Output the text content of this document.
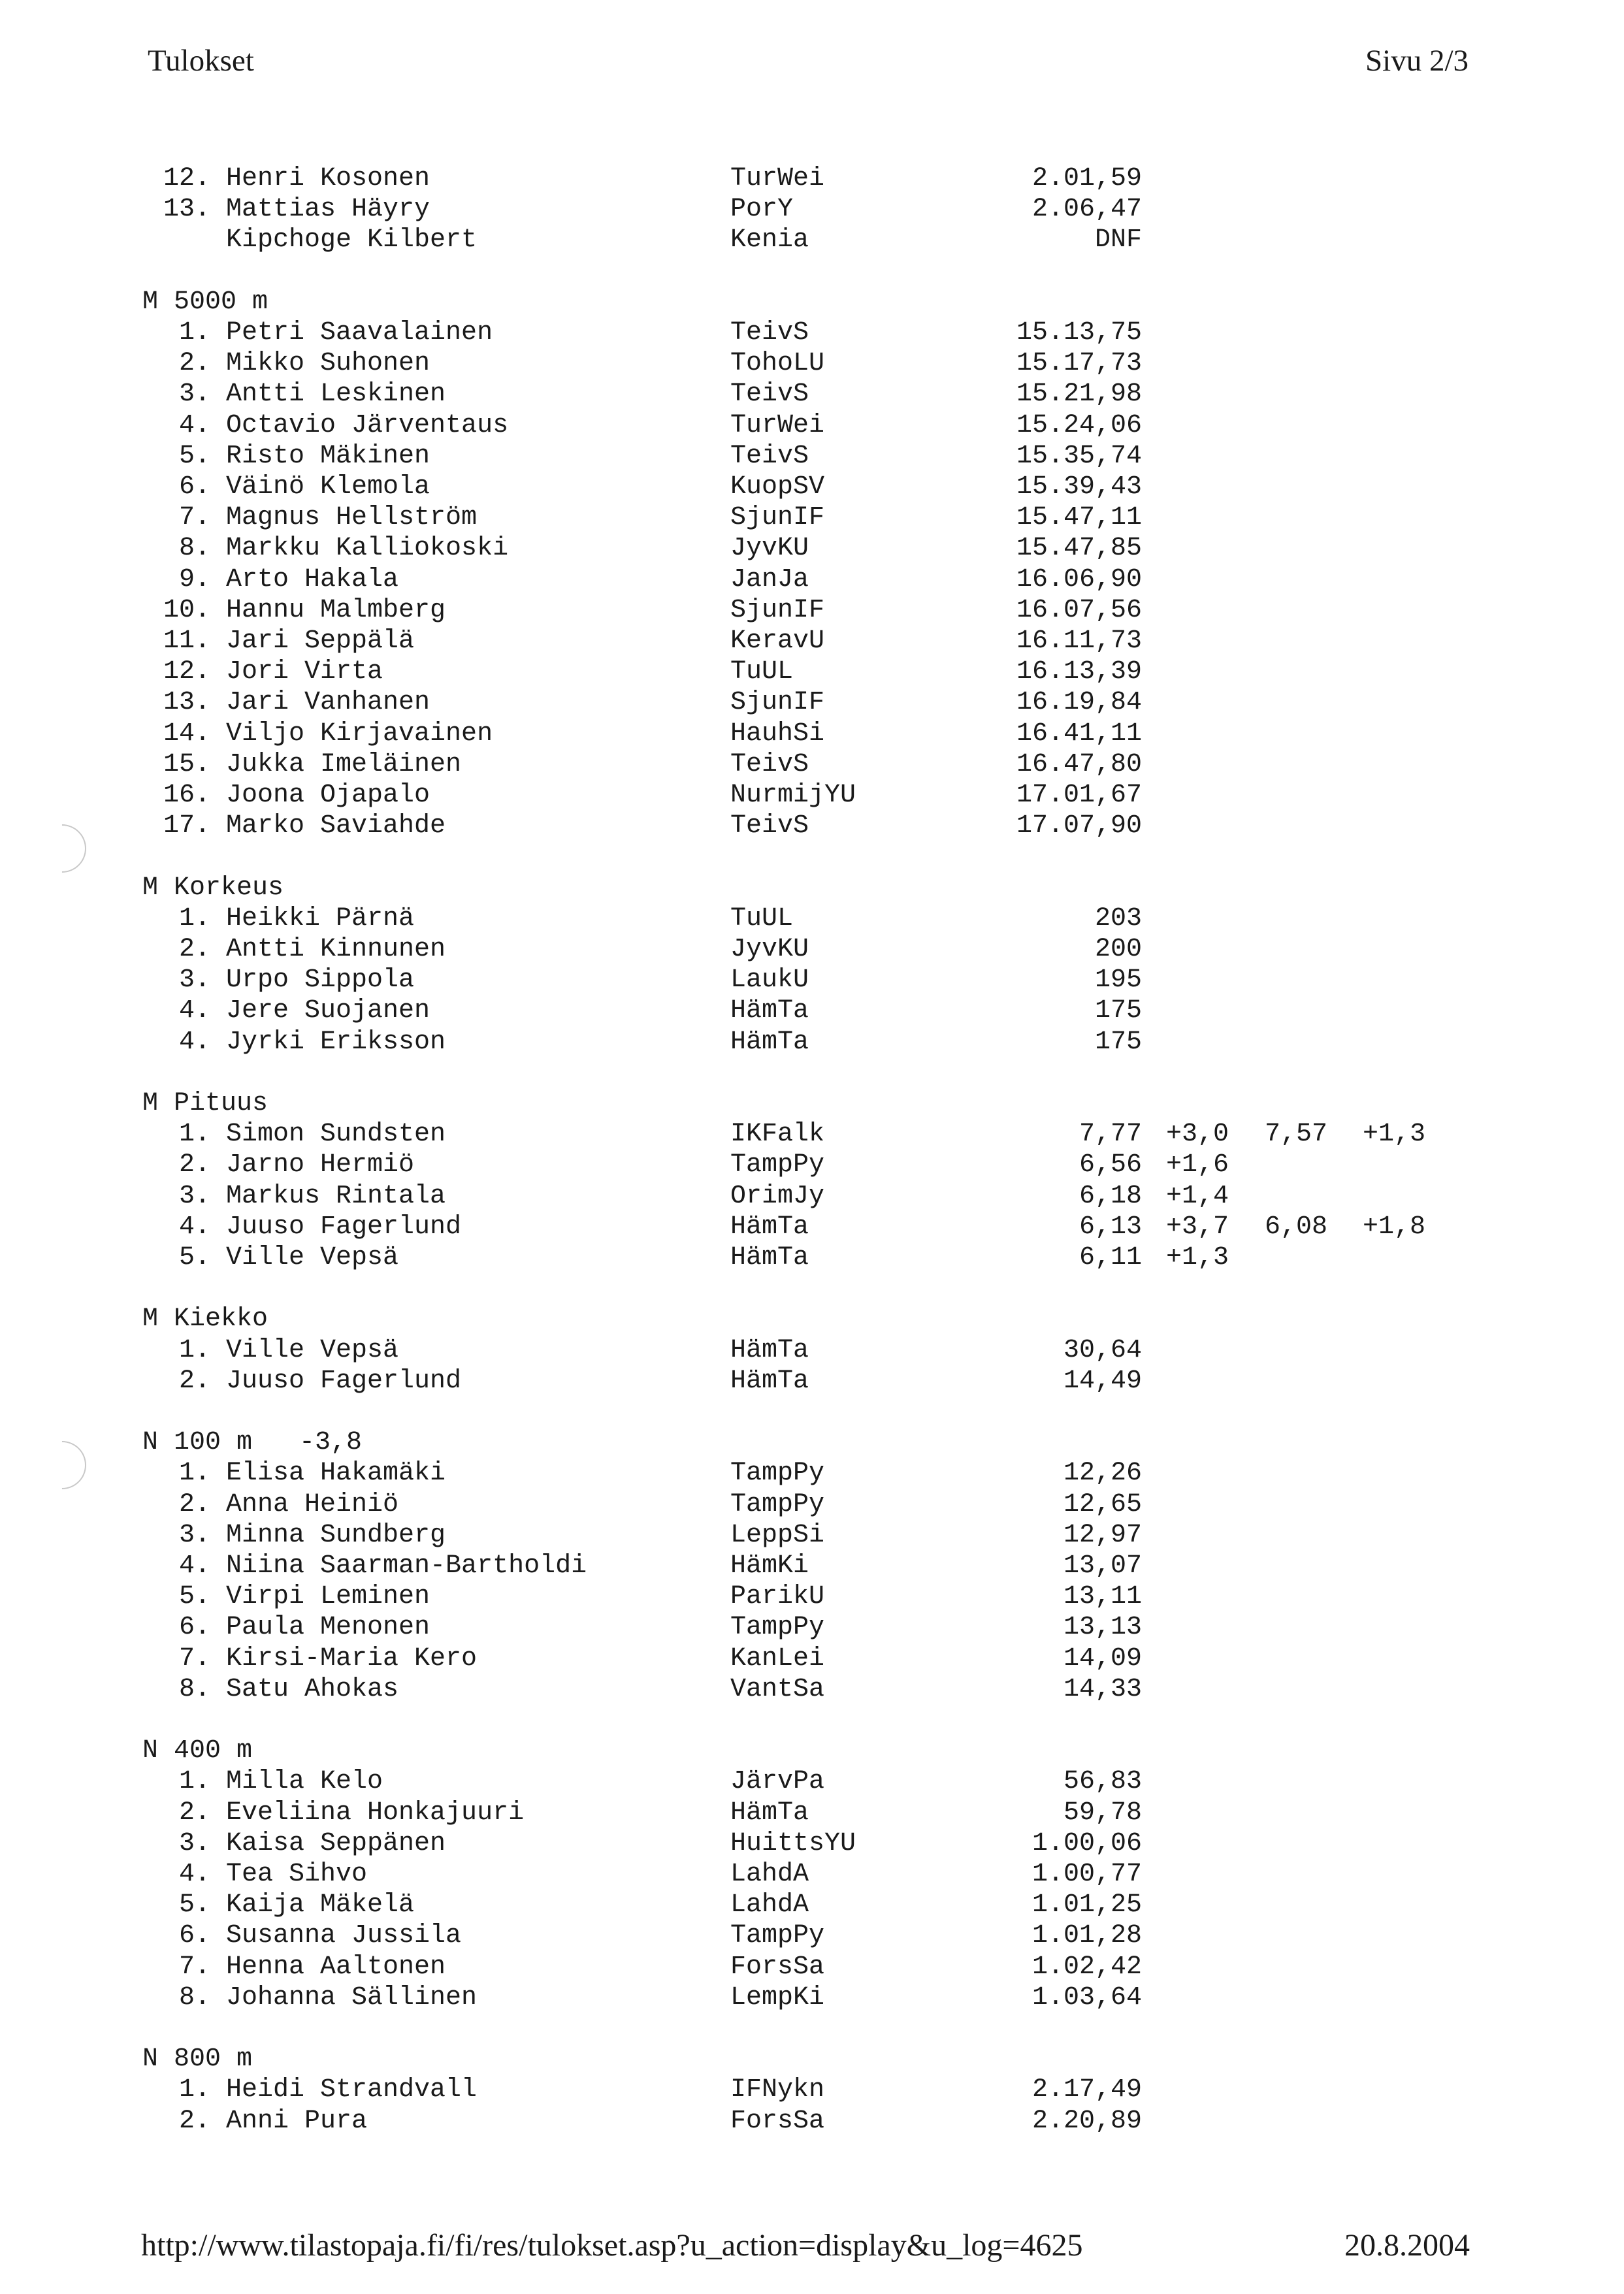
Tulokset	Sivu 2/3
12. Henri Kosonen	TurWei	2.01,59
13. Mattias Häyry	PorY	2.06,47
Kipchoge Kilbert	Kenia	DNF
M 5000 m
1. Petri Saavalainen	TeivS	15.13,75
2. Mikko Suhonen	TohoLU	15.17,73
3. Antti Leskinen	TeivS	15.21,98
4. Octavio Järventaus	TurWei	15.24,06
5. Risto Mäkinen	TeivS	15.35,74
6. Väinö Klemola	KuopSV	15.39,43
7. Magnus Hellström	SjunIF	15.47,11
8. Markku Kalliokoski	JyvKU	15.47,85
9. Arto Hakala	JanJa	16.06,90
10. Hannu Malmberg	SjunIF	16.07,56
11. Jari Seppälä	KeravU	16.11,73
12. Jori Virta	TuUL	16.13,39
13. Jari Vanhanen	SjunIF	16.19,84
14. Viljo Kirjavainen	HauhSi	16.41,11
15. Jukka Imeläinen	TeivS	16.47,80
16. Joona Ojapalo	NurmijYU	17.01,67
17. Marko Saviahde	TeivS	17.07,90
M Korkeus
1. Heikki Pärnä	TuUL	203
2. Antti Kinnunen	JyvKU	200
3. Urpo Sippola	LaukU	195
4. Jere Suojanen	HämTa	175
4. Jyrki Eriksson	HämTa	175
M Pituus
1. Simon Sundsten	IKFalk	7,77 +3,0 7,57 +1,3
2. Jarno Hermiö	TampPy	6,56 +1,6
3. Markus Rintala	OrimJy	6,18 +1,4
4. Juuso Fagerlund	HämTa	6,13 +3,7 6,08 +1,8
5. Ville Vepsä	HämTa	6,11 +1,3
M Kiekko
1. Ville Vepsä	HämTa	30,64
2. Juuso Fagerlund	HämTa	14,49
N 100 m   -3,8
1. Elisa Hakamäki	TampPy	12,26
2. Anna Heiniö	TampPy	12,65
3. Minna Sundberg	LeppSi	12,97
4. Niina Saarman-Bartholdi	HämKi	13,07
5. Virpi Leminen	ParikU	13,11
6. Paula Menonen	TampPy	13,13
7. Kirsi-Maria Kero	KanLei	14,09
8. Satu Ahokas	VantSa	14,33
N 400 m
1. Milla Kelo	JärvPa	56,83
2. Eveliina Honkajuuri	HämTa	59,78
3. Kaisa Seppänen	HuittsYU	1.00,06
4. Tea Sihvo	LahdA	1.00,77
5. Kaija Mäkelä	LahdA	1.01,25
6. Susanna Jussila	TampPy	1.01,28
7. Henna Aaltonen	ForsSa	1.02,42
8. Johanna Sällinen	LempKi	1.03,64
N 800 m
1. Heidi Strandvall	IFNykn	2.17,49
2. Anni Pura	ForsSa	2.20,89
http://www.tilastopaja.fi/fi/res/tulokset.asp?u_action=display&u_log=4625	20.8.2004
